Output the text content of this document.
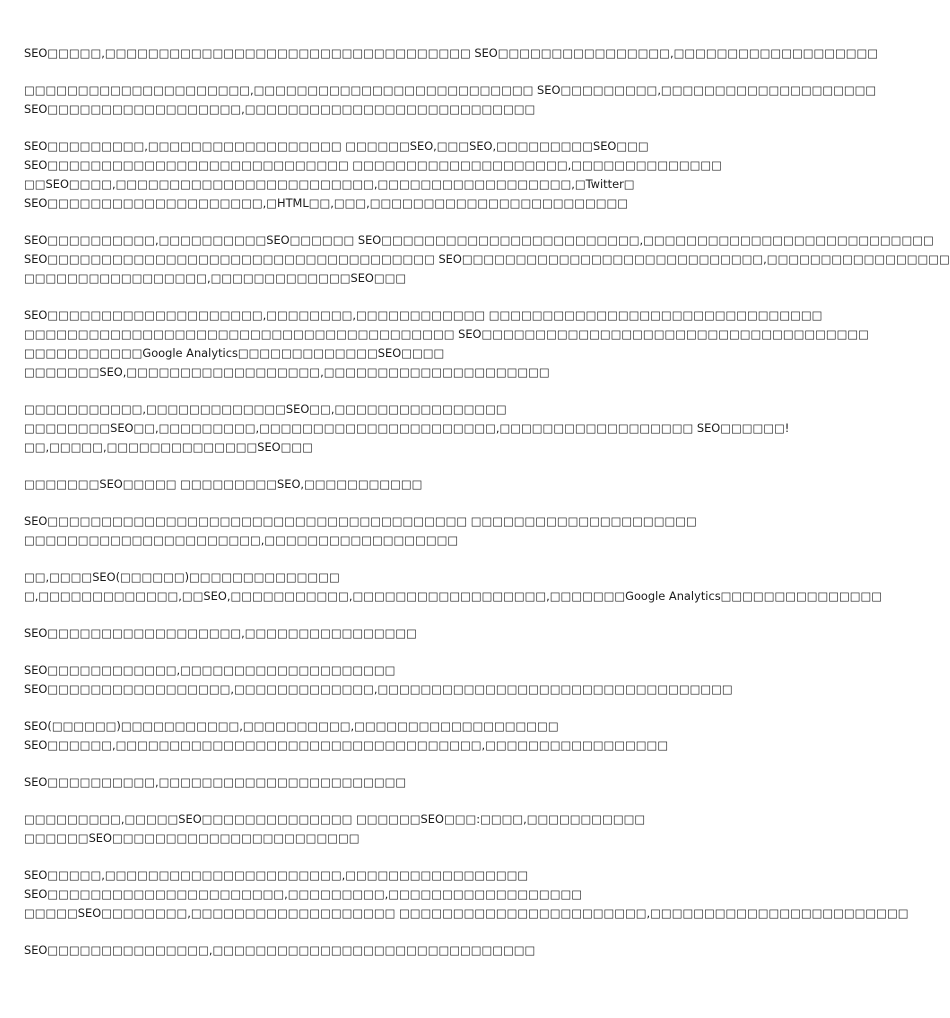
SEO□□□□□,□□□□□□□□□□□□□□□□□□□□□□□□□□□□□□□□□□ SEO□□□□□□□□□□□□□□□□,□□□□□□□□□□□□□□□□□□□

□□□□□□□□□□□□□□□□□□□□□,□□□□□□□□□□□□□□□□□□□□□□□□□□ SEO□□□□□□□□□,□□□□□□□□□□□□□□□□□□□□
SEO□□□□□□□□□□□□□□□□□□,□□□□□□□□□□□□□□□□□□□□□□□□□□□

SEO□□□□□□□□□,□□□□□□□□□□□□□□□□□□ □□□□□□SEO,□□□SEO,□□□□□□□□□SEO□□□
SEO□□□□□□□□□□□□□□□□□□□□□□□□□□□□ □□□□□□□□□□□□□□□□□□□□,□□□□□□□□□□□□□□
□□SEO□□□□,□□□□□□□□□□□□□□□□□□□□□□□□,□□□□□□□□□□□□□□□□□□,□Twitter□
SEO□□□□□□□□□□□□□□□□□□□□,□HTML□□,□□□,□□□□□□□□□□□□□□□□□□□□□□□□

SEO□□□□□□□□□□,□□□□□□□□□□SEO□□□□□□ SEO□□□□□□□□□□□□□□□□□□□□□□□□,□□□□□□□□□□□□□□□□□□□□□□□□□□□
SEO□□□□□□□□□□□□□□□□□□□□□□□□□□□□□□□□□□□□ SEO□□□□□□□□□□□□□□□□□□□□□□□□□□□□,□□□□□□□□□□□□□□□□□
□□□□□□□□□□□□□□□□□,□□□□□□□□□□□□□SEO□□□

SEO□□□□□□□□□□□□□□□□□□□□,□□□□□□□□,□□□□□□□□□□□□ □□□□□□□□□□□□□□□□□□□□□□□□□□□□□□□
□□□□□□□□□□□□□□□□□□□□□□□□□□□□□□□□□□□□□□□□ SEO□□□□□□□□□□□□□□□□□□□□□□□□□□□□□□□□□□□□
□□□□□□□□□□□Google Analytics□□□□□□□□□□□□□SEO□□□□
□□□□□□□SEO,□□□□□□□□□□□□□□□□□□,□□□□□□□□□□□□□□□□□□□□□

□□□□□□□□□□□,□□□□□□□□□□□□□SEO□□,□□□□□□□□□□□□□□□□
□□□□□□□□SEO□□,□□□□□□□□□,□□□□□□□□□□□□□□□□□□□□□□,□□□□□□□□□□□□□□□□□□ SEO□□□□□□!
□□,□□□□□,□□□□□□□□□□□□□□SEO□□□

□□□□□□□SEO□□□□□ □□□□□□□□□SEO,□□□□□□□□□□□

SEO□□□□□□□□□□□□□□□□□□□□□□□□□□□□□□□□□□□□□□□ □□□□□□□□□□□□□□□□□□□□□
□□□□□□□□□□□□□□□□□□□□□□,□□□□□□□□□□□□□□□□□□

□□,□□□□SEO(□□□□□□)□□□□□□□□□□□□□□
□,□□□□□□□□□□□□□,□□SEO,□□□□□□□□□□□,□□□□□□□□□□□□□□□□□□,□□□□□□□Google Analytics□□□□□□□□□□□□□□□

SEO□□□□□□□□□□□□□□□□□□,□□□□□□□□□□□□□□□□

SEO□□□□□□□□□□□□,□□□□□□□□□□□□□□□□□□□□
SEO□□□□□□□□□□□□□□□□□,□□□□□□□□□□□□□,□□□□□□□□□□□□□□□□□□□□□□□□□□□□□□□□□

SEO(□□□□□□)□□□□□□□□□□□,□□□□□□□□□□,□□□□□□□□□□□□□□□□□□□
SEO□□□□□□,□□□□□□□□□□□□□□□□□□□□□□□□□□□□□□□□□□,□□□□□□□□□□□□□□□□□

SEO□□□□□□□□□□,□□□□□□□□□□□□□□□□□□□□□□□

□□□□□□□□□,□□□□□SEO□□□□□□□□□□□□□□ □□□□□□SEO□□□:□□□□,□□□□□□□□□□□
□□□□□□SEO□□□□□□□□□□□□□□□□□□□□□□□

SEO□□□□□,□□□□□□□□□□□□□□□□□□□□□□,□□□□□□□□□□□□□□□□□
SEO□□□□□□□□□□□□□□□□□□□□□□,□□□□□□□□□,□□□□□□□□□□□□□□□□□□
□□□□□SEO□□□□□□□□,□□□□□□□□□□□□□□□□□□□ □□□□□□□□□□□□□□□□□□□□□□□,□□□□□□□□□□□□□□□□□□□□□□□□

SEO□□□□□□□□□□□□□□□,□□□□□□□□□□□□□□□□□□□□□□□□□□□□□□
